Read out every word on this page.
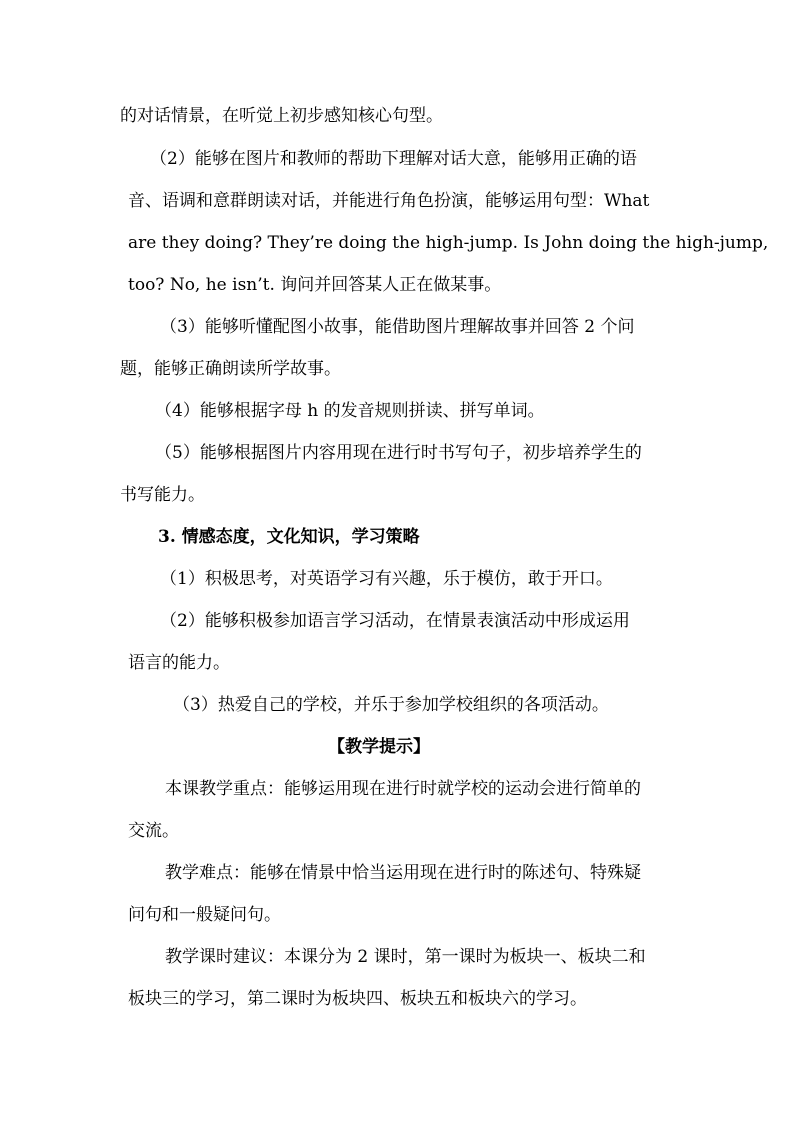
的对话情景，在听觉上初步感知核心句型。
（2）能够在图片和教师的帮助下理解对话大意，能够用正确的语
音、语调和意群朗读对话，并能进行角色扮演，能够运用句型：What
are they doing? They’re doing the high-jump. Is John doing the high-jump,
too? No, he isn’t. 询问并回答某人正在做某事。
（3）能够听懂配图小故事，能借助图片理解故事并回答 2 个问
题，能够正确朗读所学故事。
（4）能够根据字母 h 的发音规则拼读、拼写单词。
（5）能够根据图片内容用现在进行时书写句子，初步培养学生的
书写能力。
3. 情感态度，文化知识，学习策略
（1）积极思考，对英语学习有兴趣，乐于模仿，敢于开口。
（2）能够积极参加语言学习活动，在情景表演活动中形成运用
语言的能力。
（3）热爱自己的学校，并乐于参加学校组织的各项活动。
【教学提示】
本课教学重点：能够运用现在进行时就学校的运动会进行简单的
交流。
教学难点：能够在情景中恰当运用现在进行时的陈述句、特殊疑
问句和一般疑问句。
教学课时建议：本课分为 2 课时，第一课时为板块一、板块二和
板块三的学习，第二课时为板块四、板块五和板块六的学习。
